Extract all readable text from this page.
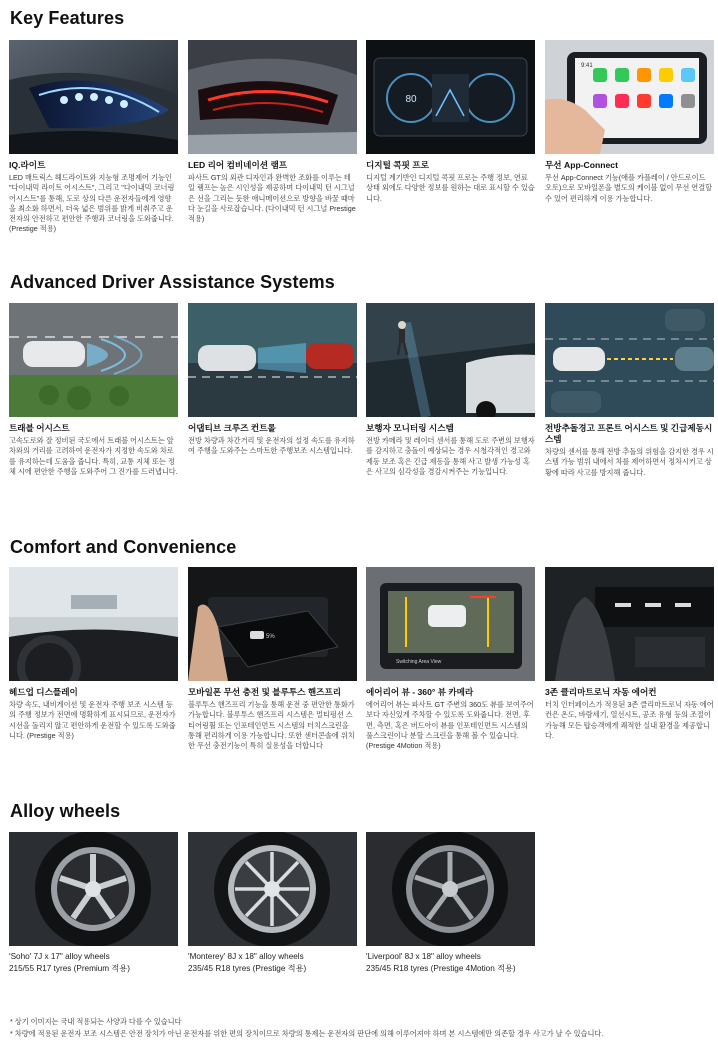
Key Features
IQ.라이트
LED 매트릭스 헤드라이트와 지능형 조명제어 기능인 "다이내믹 라이트 어시스트", 그리고 "다이내믹 코너링 어시스트"를 통해, 도로 상의 다른 운전자들에게 영향을 최소화 하면서, 더욱 넓은 범위를 밝게 비춰주고 운전자의 안전하고 편안한 주행과 코너링을 도와줍니다. (Prestige 적용)
LED 리어 컴비네이션 램프
파사트 GT의 외관 디자인과 완벽한 조화를 이루는 테일 램프는 높은 시인성을 제공하며 다이내믹 턴 시그널은 선을 그리는 듯한 애니메이션으로 방향을 바꿀 때마다 눈길을 사로잡습니다. (다이내믹 턴 시그널 Prestige 적용)
80
디지털 콕핏 프로
디지털 계기반인 디지털 콕핏 프로는 주행 정보, 연료 상태 외에도 다양한 정보를 원하는 대로 표시할 수 있습니다.
9:41
무선 App-Connect
무선 App-Connect 기능(애플 카플레이 / 안드로이드 오토)으로 모바일폰을 별도의 케이블 없이 무선 연결할 수 있어 편리하게 이용 가능합니다.
Advanced Driver Assistance Systems
트래블 어시스트
고속도로와 잘 정비된 국도에서 트래블 어시스트는 앞차와의 거리를 고려하여 운전자가 지정한 속도와 차로를 유지하는데 도움을 줍니다. 특히, 교통 지체 또는 정체 시에 편안한 주행을 도와주어 그 진가를 드러냅니다.
어댑티브 크루즈 컨트롤
전방 차량과 차간거리 및 운전자의 설정 속도를 유지하여 주행을 도와주는 스마트한 주행보조 시스템입니다.
보행자 모니터링 시스템
전방 카메라 및 레이더 센서를 통해 도로 주변의 보행자를 감지하고 충돌이 예상되는 경우 시청각적인 경고와 제동 보조 혹은 긴급 제동을 통해 사고 발생 가능성 혹은 사고의 심각성을 경감시켜주는 기능입니다.
전방추돌경고 프론트 어시스트 및 긴급제동시스템
차량의 센서를 통해 전방 추돌의 위험을 감지한 경우 시스템 가능 범위 내에서 차를 제어하면서 정차시키고 상황에 따라 사고를 방지해 줍니다.
Comfort and Convenience
헤드업 디스플레이
차량 속도, 내비게이션 및 운전자 주행 보조 시스템 등의 주행 정보가 전면에 명확하게 표시되므로, 운전자가 시선을 돌리지 않고 편안하게 운전할 수 있도록 도와줍니다. (Prestige 적용)
5%
모바일폰 무선 충전 및 블루투스 핸즈프리
블루투스 핸즈프리 기능을 통해 운전 중 편안한 통화가 가능합니다. 블루투스 핸즈프리 시스템은 멀티펑션 스티어링휠 또는 인포테인먼트 시스템의 터치스크린을 통해 편리하게 이용 가능합니다. 또한 센터콘솔에 위치한 무선 충전기능이 특히 실용성을 더합니다
Switching Area View
에어리어 뷰 - 360° 뷰 카메라
에어리어 뷰는 파사트 GT 주변의 360도 뷰를 보여주어 보다 자신있게 주차할 수 있도록 도와줍니다. 전면, 후면, 측면, 혹은 버드아이 뷰를 인포테인먼트 시스템의 풀스크린이나 분할 스크린을 통해 볼 수 있습니다. (Prestige 4Motion 적용)
3존 클리마트로닉 자동 에어컨
터치 인터페이스가 적용된 3존 클리마트로닉 자동 에어컨은 온도, 바람세기, 열선시트, 공조 유형 등의 조절이 가능해 모든 탑승객에게 쾌적한 실내 환경을 제공합니다.
Alloy wheels
'Soho' 7J x 17" alloy wheels
215/55 R17 tyres (Premium 적용)
'Monterey' 8J x 18" alloy wheels
235/45 R18 tyres (Prestige 적용)
'Liverpool' 8J x 18" alloy wheels
235/45 R18 tyres (Prestige 4Motion 적용)
* 상기 이미지는 국내 적용되는 사양과 다를 수 있습니다
* 차량에 적용된 운전자 보조 시스템은 안전 장치가 아닌 운전자를 위한 편의 장치이므로 차량의 통제는 운전자의 판단에 의해 이루어져야 하며 본 시스템에만 의존할 경우 사고가 날 수 있습니다.
